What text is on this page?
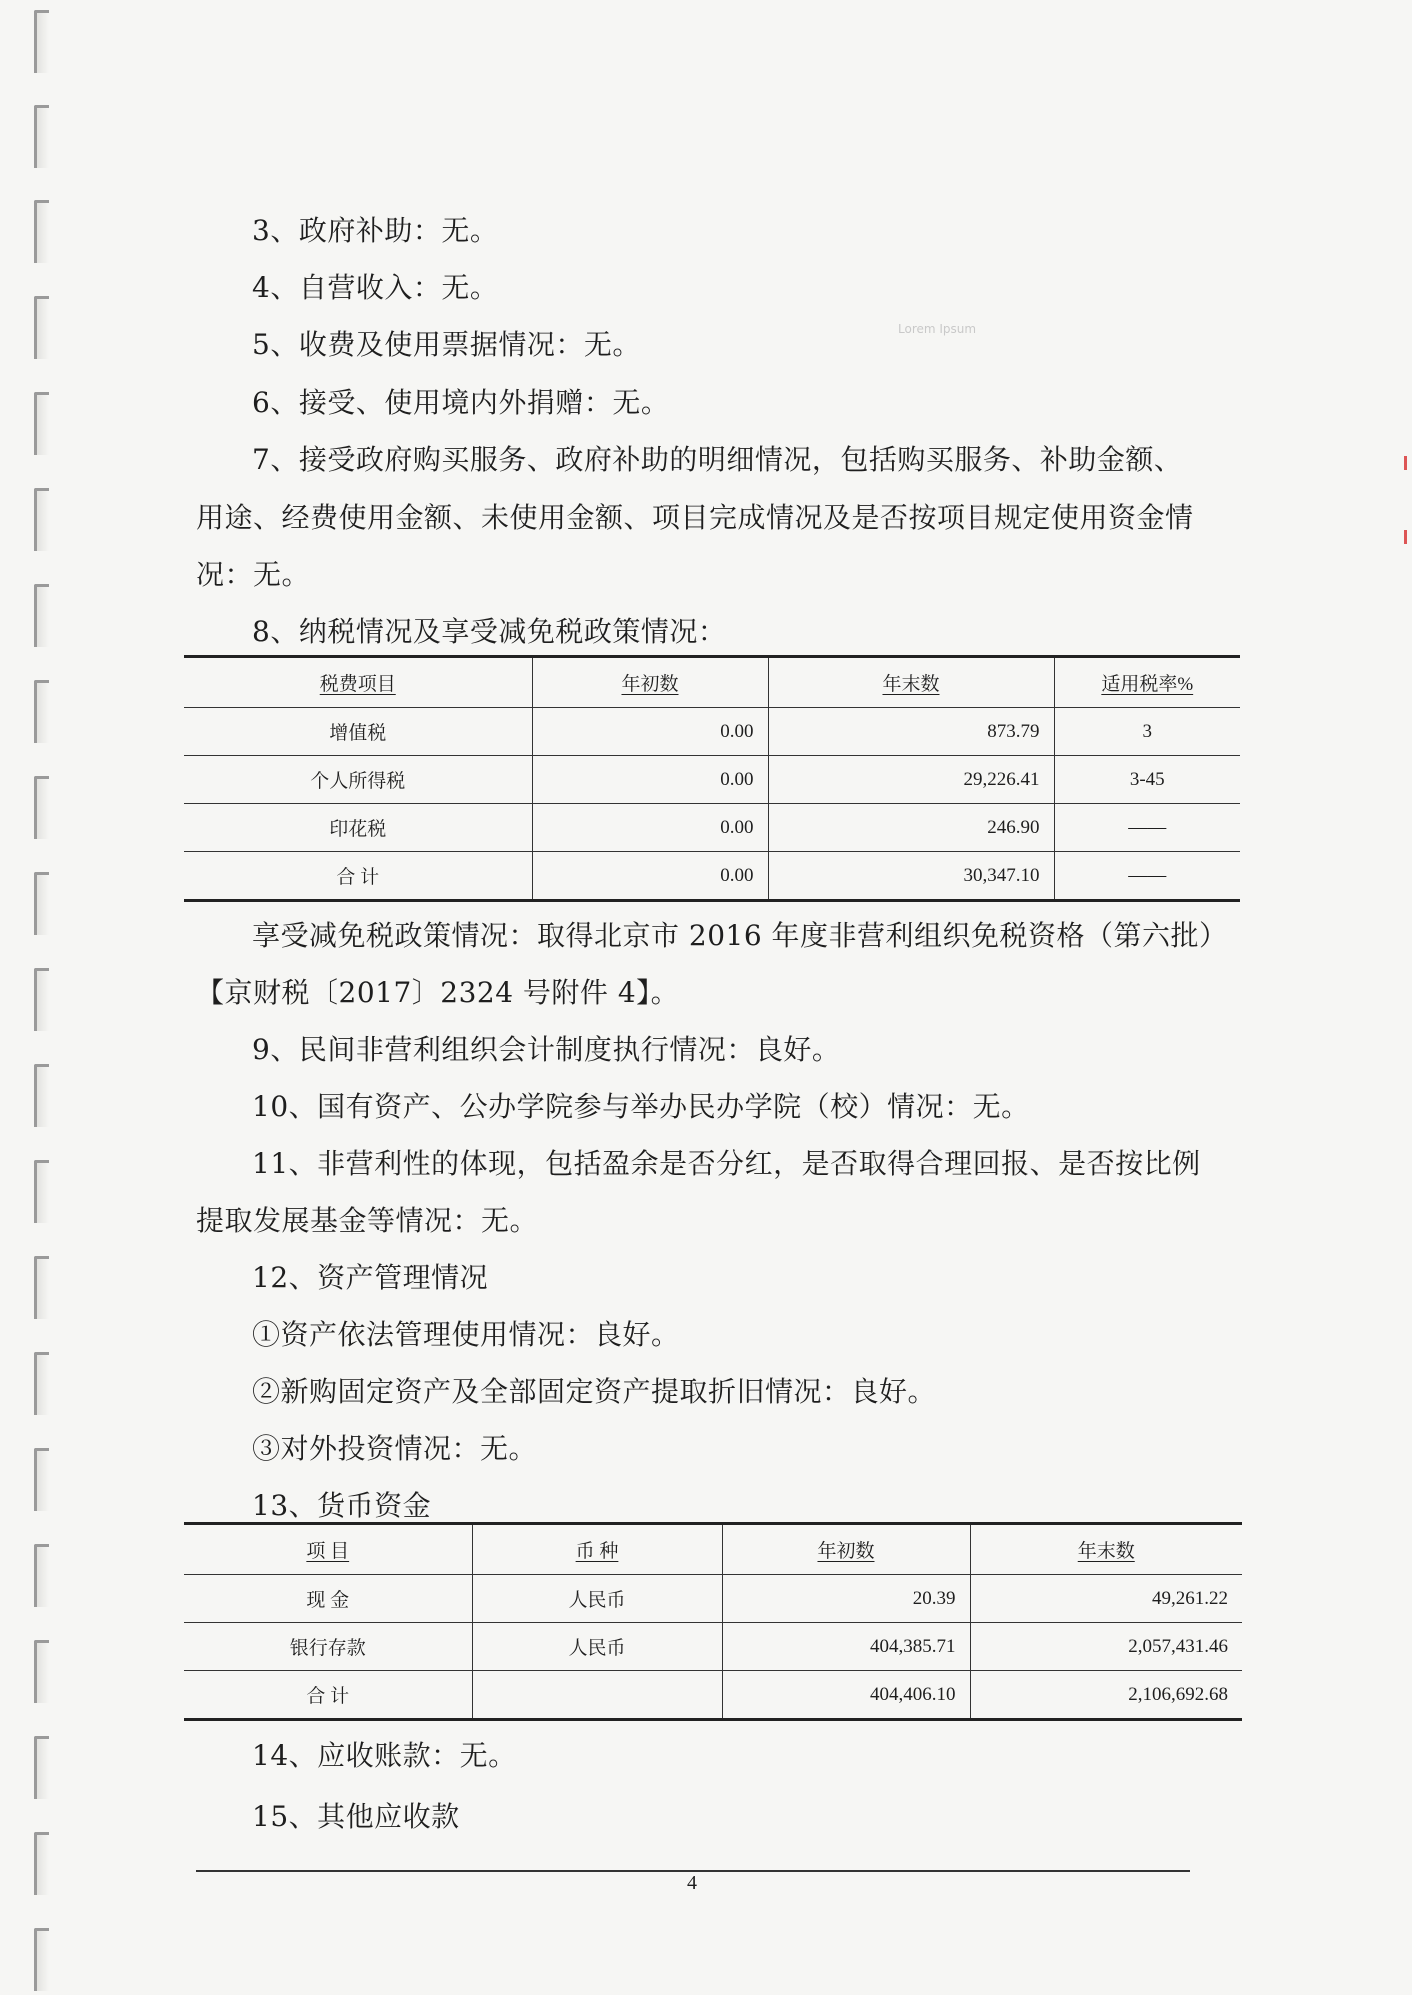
Lorem Ipsum
3、政府补助：无。
4、自营收入：无。
5、收费及使用票据情况：无。
6、接受、使用境内外捐赠：无。
7、接受政府购买服务、政府补助的明细情况，包括购买服务、补助金额、
用途、经费使用金额、未使用金额、项目完成情况及是否按项目规定使用资金情
况：无。
8、纳税情况及享受减免税政策情况：
税费项目	年初数	年末数	适用税率%
增值税	0.00	873.79	3
个人所得税	0.00	29,226.41	3-45
印花税	0.00	246.90	——
合 计	0.00	30,347.10	——
享受减免税政策情况：取得北京市 2016 年度非营利组织免税资格（第六批）
【京财税〔2017〕2324 号附件 4】。
9、民间非营利组织会计制度执行情况：良好。
10、国有资产、公办学院参与举办民办学院（校）情况：无。
11、非营利性的体现，包括盈余是否分红，是否取得合理回报、是否按比例
提取发展基金等情况：无。
12、资产管理情况
①资产依法管理使用情况：良好。
②新购固定资产及全部固定资产提取折旧情况：良好。
③对外投资情况：无。
13、货币资金
项 目	币 种	年初数	年末数
现 金	人民币	20.39	49,261.22
银行存款	人民币	404,385.71	2,057,431.46
合 计		404,406.10	2,106,692.68
14、应收账款：无。
15、其他应收款
4
